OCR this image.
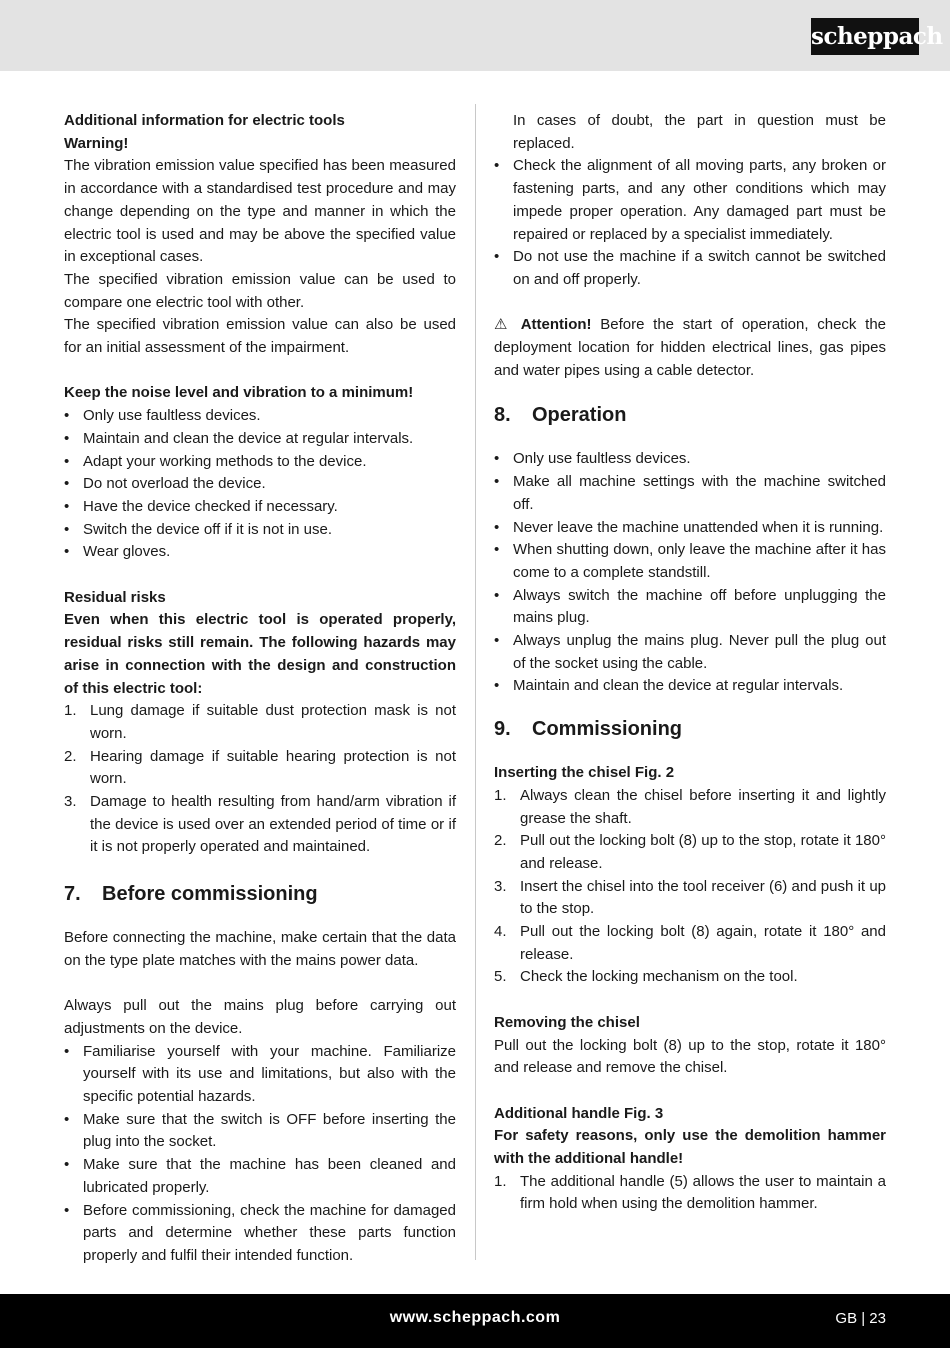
scheppach

Additional information for electric tools

Warning!

The vibration emission value specified has been measured in accordance with a standardised test procedure and may change depending on the type and manner in which the electric tool is used and may be above the specified value in exceptional cases.

The specified vibration emission value can be used to compare one electric tool with other.

The specified vibration emission value can also be used for an initial assessment of the impairment.

Keep the noise level and vibration to a minimum!

• Only use faultless devices.
• Maintain and clean the device at regular intervals.
• Adapt your working methods to the device.
• Do not overload the device.
• Have the device checked if necessary.
• Switch the device off if it is not in use.
• Wear gloves.

Residual risks

Even when this electric tool is operated properly, residual risks still remain. The following hazards may arise in connection with the design and construction of this electric tool:

1. Lung damage if suitable dust protection mask is not worn.
2. Hearing damage if suitable hearing protection is not worn.
3. Damage to health resulting from hand/arm vibration if the device is used over an extended period of time or if it is not properly operated and maintained.
7. Before commissioning

Before connecting the machine, make certain that the data on the type plate matches with the mains power data.

Always pull out the mains plug before carrying out adjustments on the device.

• Familiarise yourself with your machine. Familiarize yourself with its use and limitations, but also with the specific potential hazards.
• Make sure that the switch is OFF before inserting the plug into the socket.
• Make sure that the machine has been cleaned and lubricated properly.
• Before commissioning, check the machine for damaged parts and determine whether these parts function properly and fulfil their intended function.

In cases of doubt, the part in question must be replaced.

• Check the alignment of all moving parts, any broken or fastening parts, and any other conditions which may impede proper operation. Any damaged part must be repaired or replaced by a specialist immediately.
• Do not use the machine if a switch cannot be switched on and off properly.

⚠ Attention! Before the start of operation, check the deployment location for hidden electrical lines, gas pipes and water pipes using a cable detector.

8. Operation
• Only use faultless devices.
• Make all machine settings with the machine switched off.
• Never leave the machine unattended when it is running.
• When shutting down, only leave the machine after it has come to a complete standstill.
• Always switch the machine off before unplugging the mains plug.
• Always unplug the mains plug. Never pull the plug out of the socket using the cable.
• Maintain and clean the device at regular intervals.
9. Commissioning

Inserting the chisel Fig. 2

1. Always clean the chisel before inserting it and lightly grease the shaft.
2. Pull out the locking bolt (8) up to the stop, rotate it 180° and release.
3. Insert the chisel into the tool receiver (6) and push it up to the stop.
4. Pull out the locking bolt (8) again, rotate it 180° and release.
5. Check the locking mechanism on the tool.

Removing the chisel

Pull out the locking bolt (8) up to the stop, rotate it 180° and release and remove the chisel.

Additional handle Fig. 3

For safety reasons, only use the demolition hammer with the additional handle!

1. The additional handle (5) allows the user to maintain a firm hold when using the demolition hammer.
www.scheppach.com	GB | 23
